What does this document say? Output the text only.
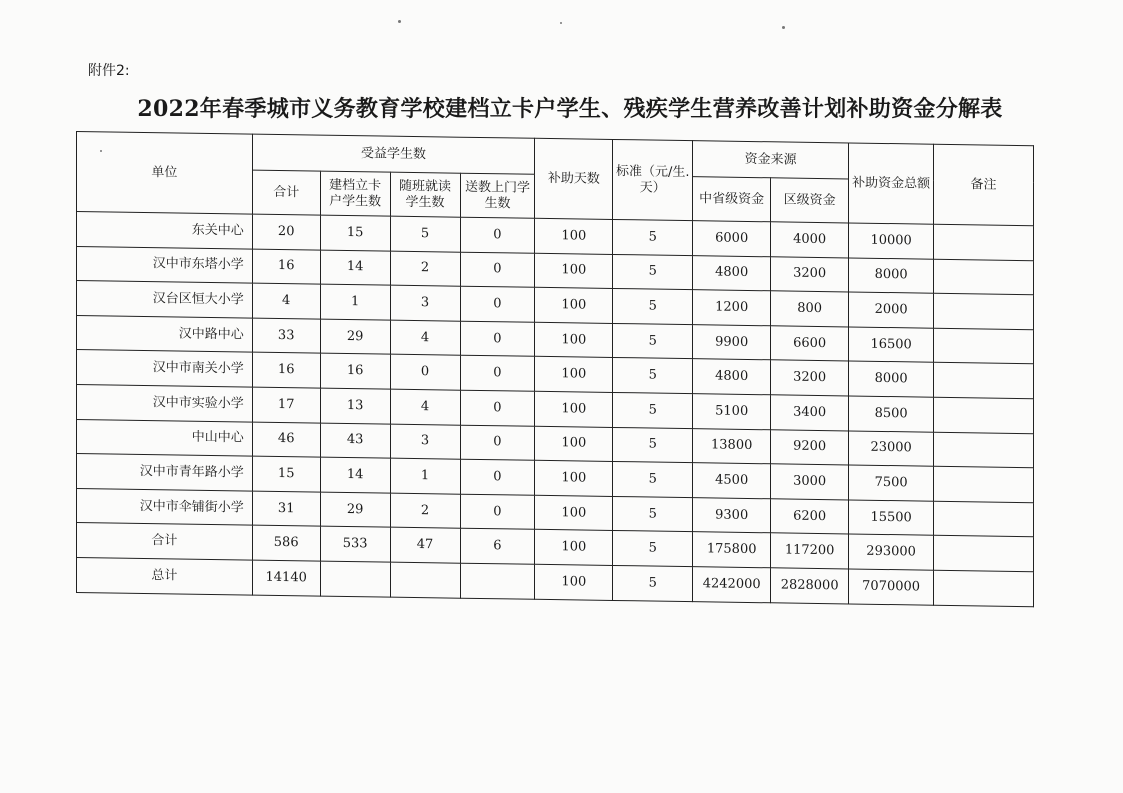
附件2:
2022年春季城市义务教育学校建档立卡户学生、残疾学生营养改善计划补助资金分解表
单位	受益学生数				补助天数	标准（元/生.天）	资金来源		补助资金总额	备注
	合计	建档立卡户学生数	随班就读学生数	送教上门学生数			中省级资金	区级资金		
东关中心	20	15	5	0	100	5	6000	4000	10000	
汉中市东塔小学	16	14	2	0	100	5	4800	3200	8000	
汉台区恒大小学	4	1	3	0	100	5	1200	800	2000	
汉中路中心	33	29	4	0	100	5	9900	6600	16500	
汉中市南关小学	16	16	0	0	100	5	4800	3200	8000	
汉中市实验小学	17	13	4	0	100	5	5100	3400	8500	
中山中心	46	43	3	0	100	5	13800	9200	23000	
汉中市青年路小学	15	14	1	0	100	5	4500	3000	7500	
汉中市伞铺街小学	31	29	2	0	100	5	9300	6200	15500	
合计	586	533	47	6	100	5	175800	117200	293000	
总计	14140				100	5	4242000	2828000	7070000	
